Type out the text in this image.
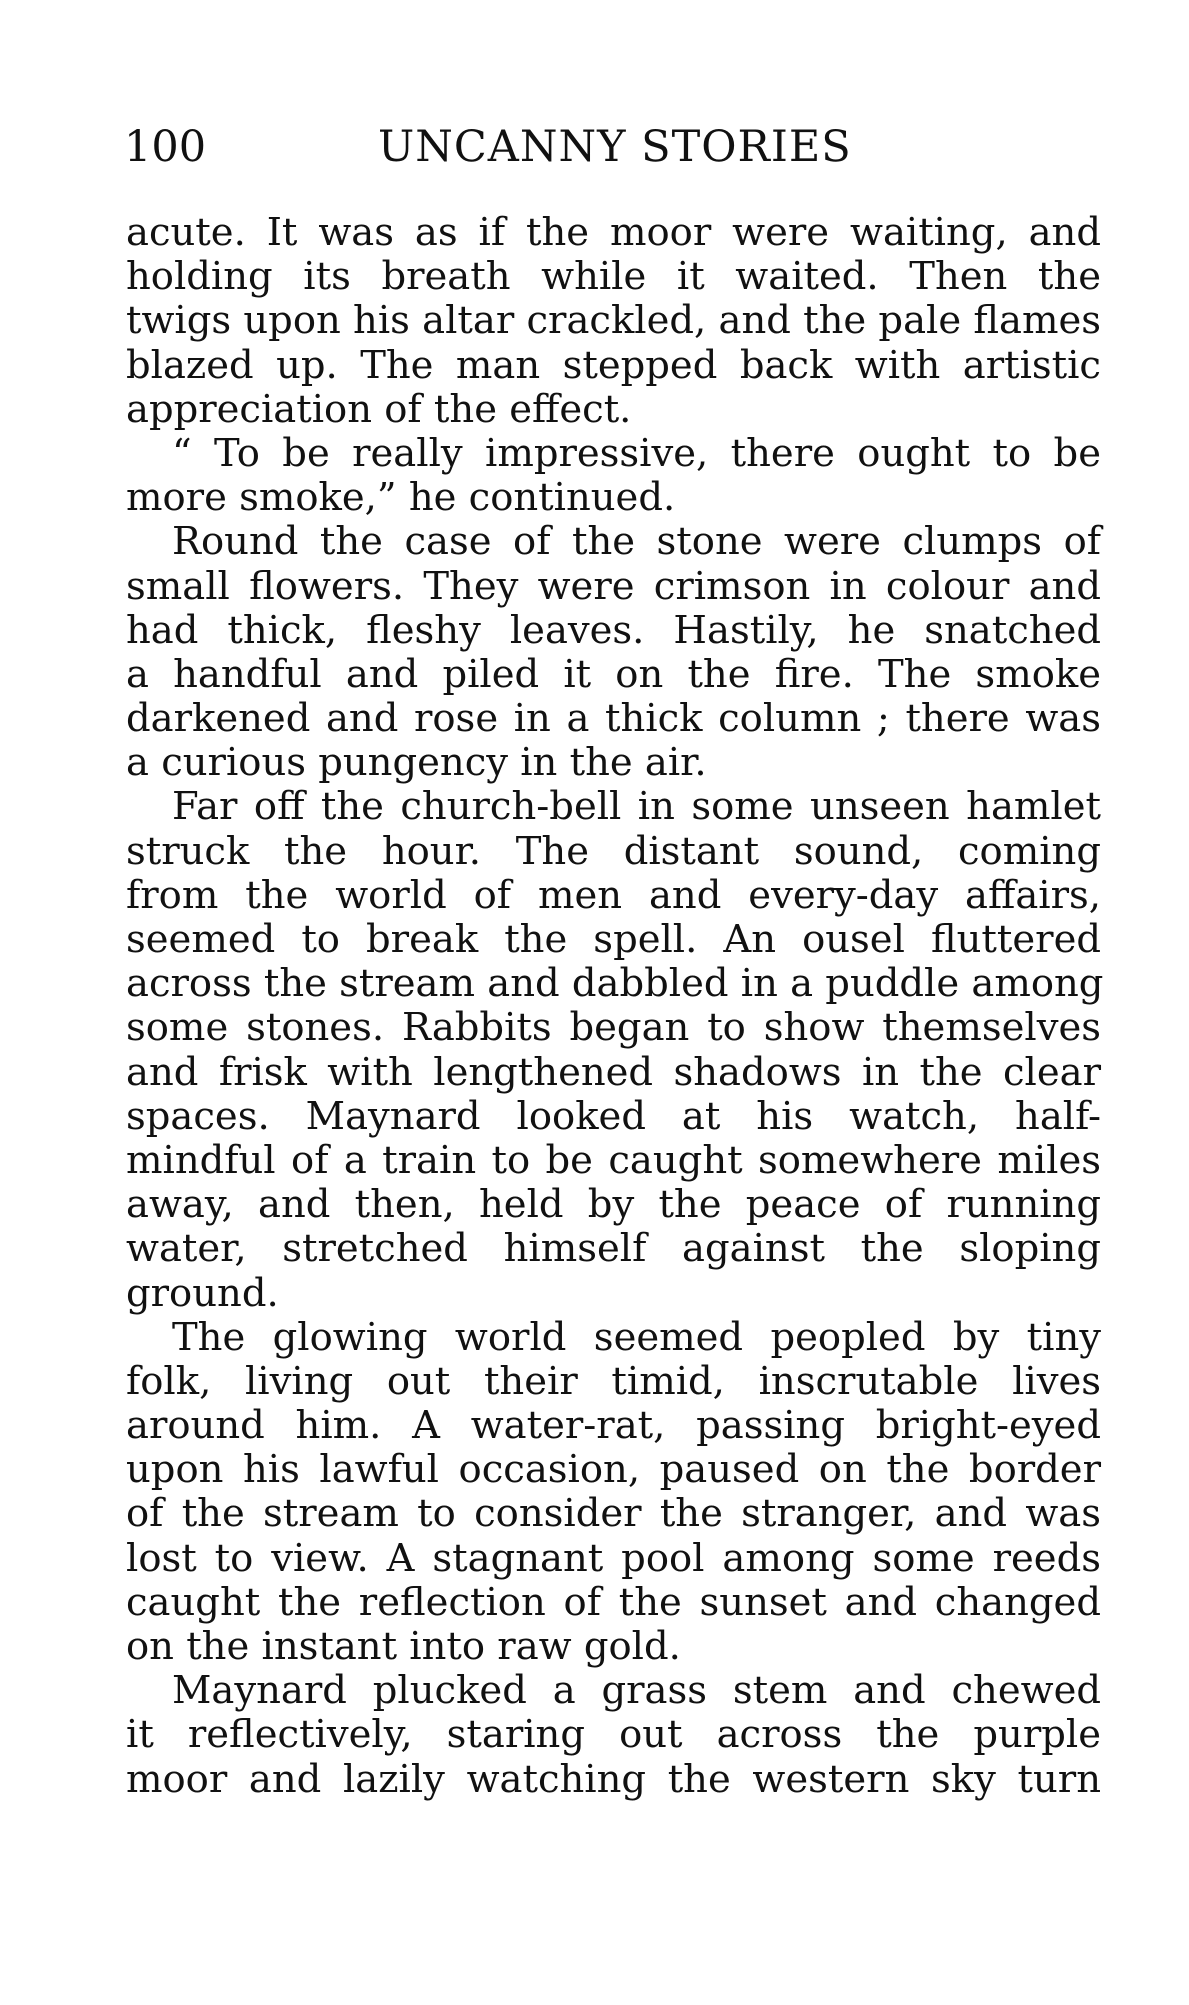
100	UNCANNY STORIES
acute. It was as if the moor were waiting, and
holding its breath while it waited. Then the
twigs upon his altar crackled, and the pale flames
blazed up. The man stepped back with artistic
appreciation of the effect.
“ To be really impressive, there ought to be
more smoke,” he continued.
Round the case of the stone were clumps of
small flowers. They were crimson in colour and
had thick, fleshy leaves. Hastily, he snatched
a handful and piled it on the fire. The smoke
darkened and rose in a thick column ; there was
a curious pungency in the air.
Far off the church-bell in some unseen hamlet
struck the hour. The distant sound, coming
from the world of men and every-day affairs,
seemed to break the spell. An ousel fluttered
across the stream and dabbled in a puddle among
some stones. Rabbits began to show themselves
and frisk with lengthened shadows in the clear
spaces. Maynard looked at his watch, half-
mindful of a train to be caught somewhere miles
away, and then, held by the peace of running
water, stretched himself against the sloping
ground.
The glowing world seemed peopled by tiny
folk, living out their timid, inscrutable lives
around him. A water-rat, passing bright-eyed
upon his lawful occasion, paused on the border
of the stream to consider the stranger, and was
lost to view. A stagnant pool among some reeds
caught the reflection of the sunset and changed
on the instant into raw gold.
Maynard plucked a grass stem and chewed
it reflectively, staring out across the purple
moor and lazily watching the western sky turn
